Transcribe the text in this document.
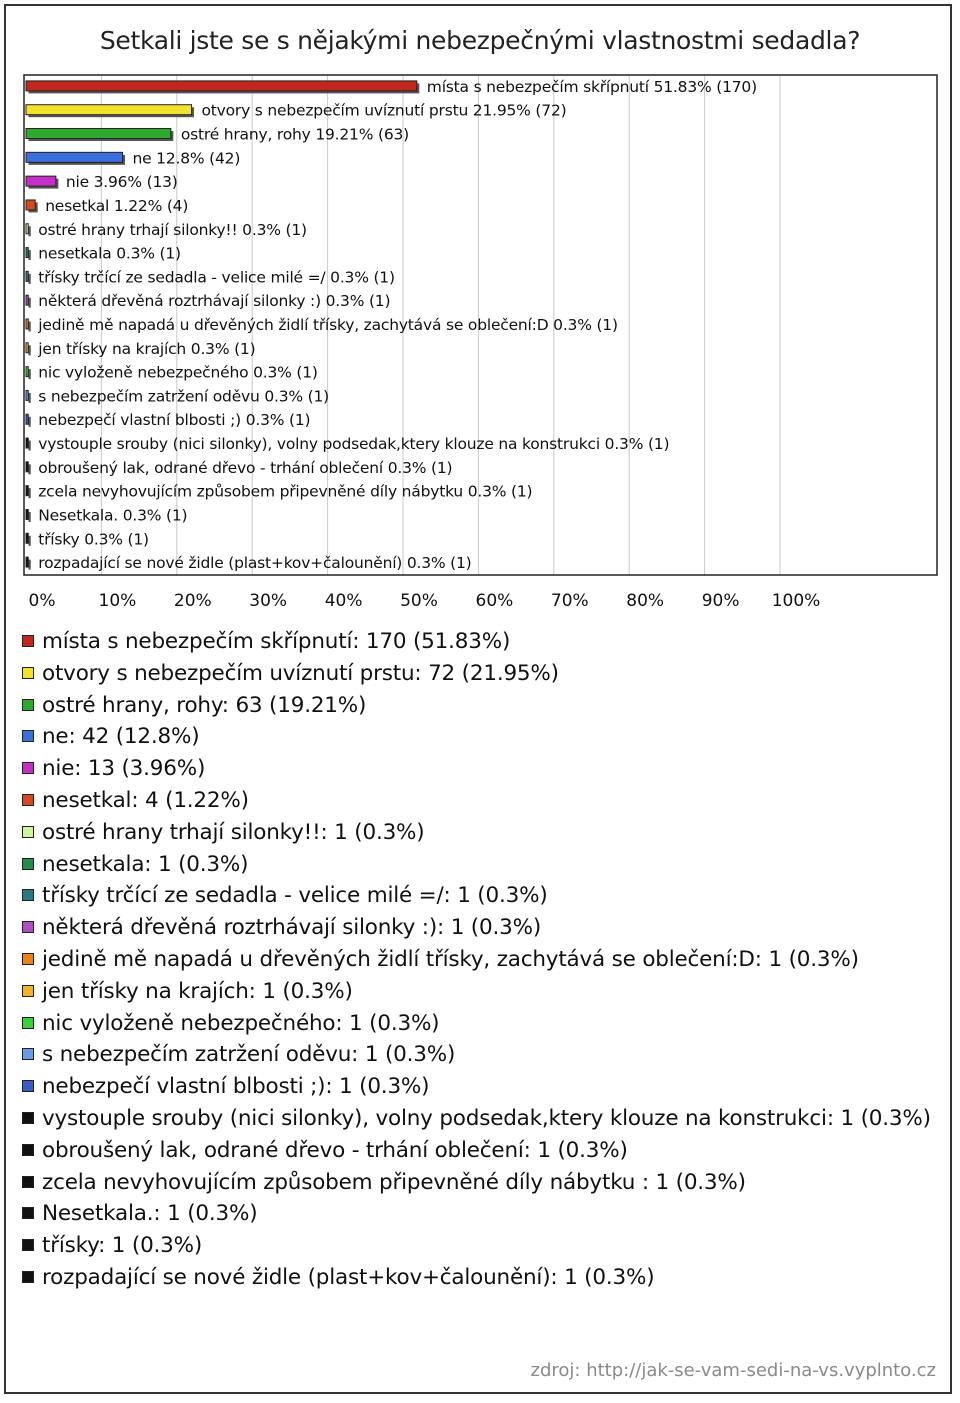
Setkali jste se s nějakými nebezpečnými vlastnostmi sedadla?
místa s nebezpečím skřípnutí 51.83% (170)
otvory s nebezpečím uvíznutí prstu 21.95% (72)
ostré hrany, rohy 19.21% (63)
ne 12.8% (42)
nie 3.96% (13)
nesetkal 1.22% (4)
ostré hrany trhají silonky!! 0.3% (1)
nesetkala 0.3% (1)
třísky trčící ze sedadla - velice milé =/ 0.3% (1)
některá dřevěná roztrhávají silonky :) 0.3% (1)
jedině mě napadá u dřevěných židlí třísky, zachytává se oblečení:D 0.3% (1)
jen třísky na krajích 0.3% (1)
nic vyloženě nebezpečného 0.3% (1)
s nebezpečím zatržení oděvu 0.3% (1)
nebezpečí vlastní blbosti ;) 0.3% (1)
vystouple srouby (nici silonky), volny podsedak,ktery klouze na konstrukci 0.3% (1)
obroušený lak, odrané dřevo - trhání oblečení 0.3% (1)
zcela nevyhovujícím způsobem připevněné díly nábytku 0.3% (1)
Nesetkala. 0.3% (1)
třísky 0.3% (1)
rozpadající se nové židle (plast+kov+čalounění) 0.3% (1)
0%	10% 20% 30% 40% 50% 60% 70% 80% 90% 100%
místa s nebezpečím skřípnutí: 170 (51.83%)
otvory s nebezpečím uvíznutí prstu: 72 (21.95%)
ostré hrany, rohy: 63 (19.21%)
ne: 42 (12.8%)
nie: 13 (3.96%)
nesetkal: 4 (1.22%)
ostré hrany trhají silonky!!: 1 (0.3%)
nesetkala: 1 (0.3%)
třísky trčící ze sedadla - velice milé =/: 1 (0.3%)
některá dřevěná roztrhávají silonky :): 1 (0.3%)
jedině mě napadá u dřevěných židlí třísky, zachytává se oblečení:D: 1 (0.3%)
jen třísky na krajích: 1 (0.3%)
nic vyloženě nebezpečného: 1 (0.3%)
s nebezpečím zatržení oděvu: 1 (0.3%)
nebezpečí vlastní blbosti ;): 1 (0.3%)
vystouple srouby (nici silonky), volny podsedak,ktery klouze na konstrukci: 1 (0.3%)
obroušený lak, odrané dřevo - trhání oblečení: 1 (0.3%)
zcela nevyhovujícím způsobem připevněné díly nábytku : 1 (0.3%)
Nesetkala.: 1 (0.3%)
třísky: 1 (0.3%)
rozpadající se nové židle (plast+kov+čalounění): 1 (0.3%)
zdroj: http://jak-se-vam-sedi-na-vs.vyplnto.cz
